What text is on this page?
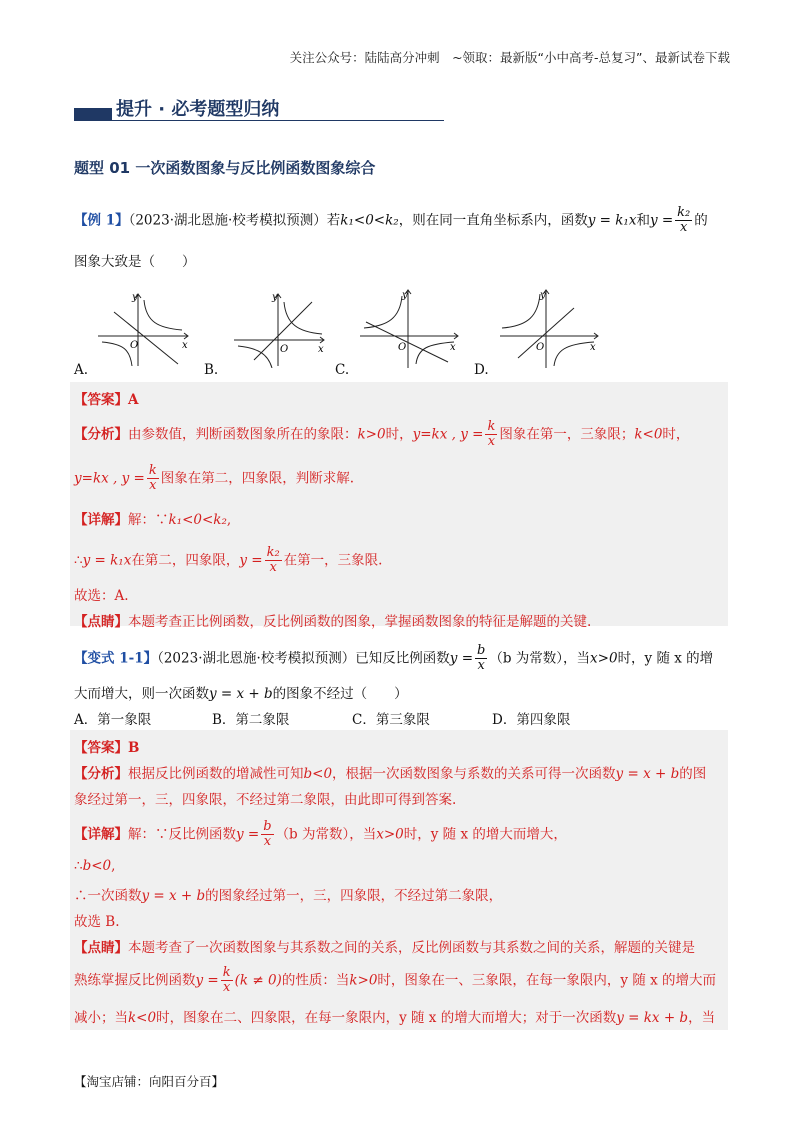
关注公众号：陆陆高分冲刺　~领取：最新版“小中高考-总复习”、最新试卷下载
提升 · 必考题型归纳
题型 01 一次函数图象与反比例函数图象综合
【例 1】（2023·湖北恩施·校考模拟预测）若k₁<0<k₂，则在同一直角坐标系内，函数y = k₁x和$y = \frac{\text{k₂}}{x}$ 的
图象大致是（　　）
y
x
O
A.
y
x
O
B.
y
x
O
C.
y
x
O
D.
【答案】A
【分析】由参数值，判断函数图象所在的象限：k>0时，y=kx , $y = \frac{k}{x}$ 图象在第一，三象限；k<0时，
y=kx , $y = \frac{k}{x}$ 图象在第二，四象限，判断求解.
【详解】解：∵k₁<0<k₂,
∴y = k₁x在第二，四象限，$y = \frac{\text{k₂}}{x}$ 在第一，三象限.
故选：A.
【点睛】本题考查正比例函数，反比例函数的图象，掌握函数图象的特征是解题的关键.
【变式 1-1】（2023·湖北恩施·校考模拟预测）已知反比例函数$y = \frac{b}{x} (b$ 为常数），当x>0时，y 随 x 的增
大而增大，则一次函数y = x + b的图象不经过（　　）
A．第一象限	B．第二象限	C．第三象限	D．第四象限
【答案】B
【分析】根据反比例函数的增减性可知b<0，根据一次函数图象与系数的关系可得一次函数y = x + b的图
象经过第一，三，四象限，不经过第二象限，由此即可得到答案.
【详解】解：∵反比例函数$y = \frac{b}{x} (b$ 为常数），当x>0时，y 随 x 的增大而增大，
∴b<0,
∴一次函数y = x + b的图象经过第一，三，四象限，不经过第二象限，
故选 B.
【点睛】本题考查了一次函数图象与其系数之间的关系，反比例函数与其系数之间的关系，解题的关键是
熟练掌握反比例函数$y = \frac{k}{x} (k \ne 0)$的性质：当k>0时，图象在一、三象限，在每一象限内，y 随 x 的增大而
减小；当k<0时，图象在二、四象限，在每一象限内，y 随 x 的增大而增大；对于一次函数y = kx + b，当
【淘宝店铺：向阳百分百】
